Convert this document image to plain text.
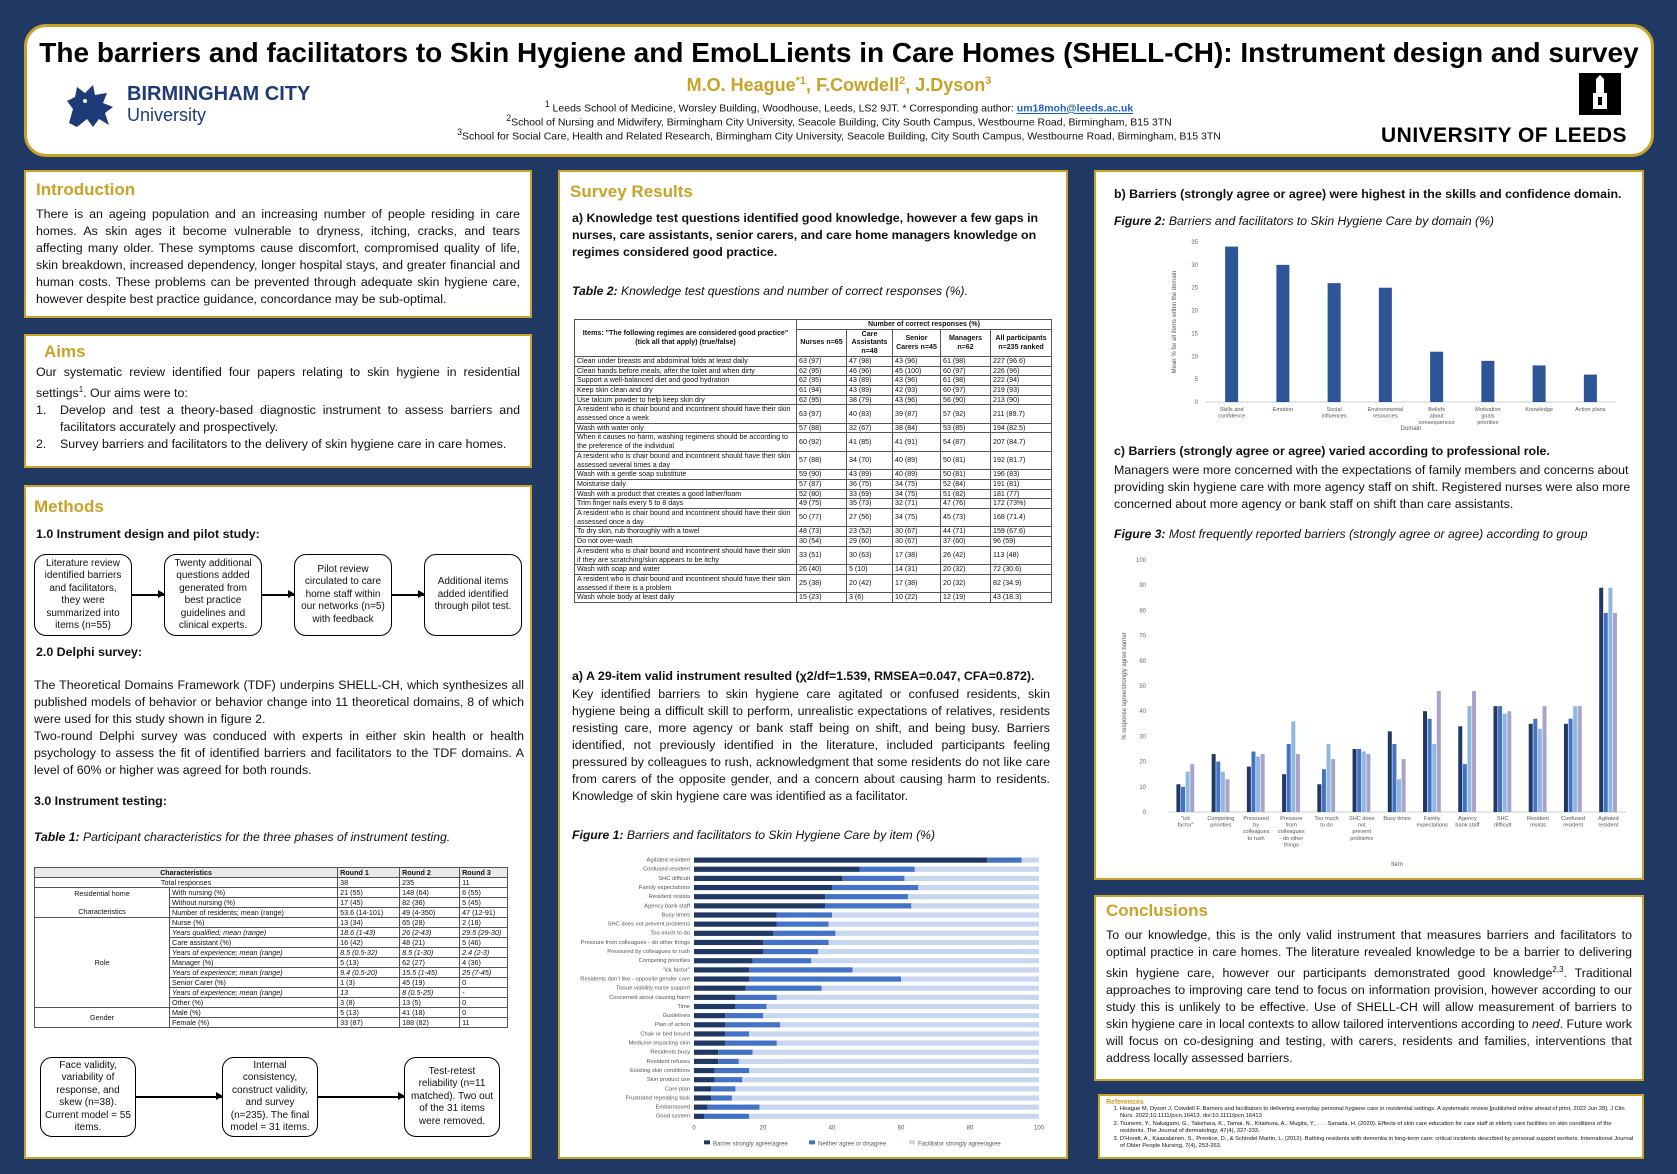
The barriers and facilitators to Skin Hygiene and EmoLLients in Care Homes (SHELL-CH): Instrument design and survey
M.O. Heague$^{*1}$, F.Cowdell$^2$, J.Dyson$^3$
$^1$ Leeds School of Medicine, Worsley Building, Woodhouse, Leeds, LS2 9JT. * Corresponding author: um18moh@leeds.ac.uk
$^2$School of Nursing and Midwifery, Birmingham City University, Seacole Building, City South Campus, Westbourne Road, Birmingham, B15 3TN
$^3$School for Social Care, Health and Related Research, Birmingham City University, Seacole Building, City South Campus, Westbourne Road, Birmingham, B15 3TN
BIRMINGHAM CITY
University
UNIVERSITY OF LEEDS
Introduction

There is an ageing population and an increasing number of people residing in care homes. As skin ages it become vulnerable to dryness, itching, cracks, and tears affecting many older. These symptoms cause discomfort, compromised quality of life, skin breakdown, increased dependency, longer hospital stays, and greater financial and human costs. These problems can be prevented through adequate skin hygiene care, however despite best practice guidance, concordance may be sub-optimal.

Aims

Our systematic review identified four papers relating to skin hygiene in residential settings$^1$. Our aims were to:

1.	Develop and test a theory-based diagnostic instrument to assess barriers and facilitators accurately and prospectively.
2.	Survey barriers and facilitators to the delivery of skin hygiene care in care homes.
Methods
1.0 Instrument design and pilot study:
Literature review identified barriers and facilitators, they were summarized into items (n=55)
Twenty additional questions added generated from best practice guidelines and clinical experts.
Pilot review circulated to care home staff within our networks (n=5) with feedback
Additional items added identified through pilot test.
2.0 Delphi survey:

The Theoretical Domains Framework (TDF) underpins SHELL-CH, which synthesizes all published models of behavior or behavior change into 11 theoretical domains, 8 of which were used for this study shown in figure 2.

Two-round Delphi survey was conduced with experts in either skin health or health psychology to assess the fit of identified barriers and facilitators to the TDF domains. A level of 60% or higher was agreed for both rounds.

3.0 Instrument testing:
Table 1: Participant characteristics for the three phases of instrument testing.
Characteristics		Round 1	Round 2	Round 3
Total responses		38	235	11
Residential home

Characteristics	With nursing (%)	21 (55)	148 (64)	6 (55)
	Without nursing (%)	17 (45)	82 (36)	5 (45)
	Number of residents; mean (range)	53.6 (14-101)	49 (4-350)	47 (12-91)
Role	Nurse (%)	13 (34)	65 (28)	2 (18)
	Years qualified; mean (range)	18.6 (1-43)	26 (2-43)	29.5 (29-30)
	Care assistant (%)	16 (42)	48 (21)	5 (46)
	Years of experience; mean (range)	8.5 (0.5-32)	8.5 (1-30)	2.4 (2-3)
	Manager (%)	5 (13)	62 (27)	4 (36)
	Years of experience; mean (range)	9.4 (0.5-20)	15.5 (1-45)	25 (7-45)
	Senior Carer (%)	1 (3)	45 (19)	0
	Years of experience; mean (range)	13	8 (0.5-25)	-
	Other (%)	3 (8)	13 (5)	0
Gender	Male (%)	5 (13)	41 (18)	0
	Female (%)	33 (87)	188 (82)	11
Face validity, variability of response, and skew (n=38). Current model = 55 items.
Internal consistency, construct validity, and survey (n=235). The final model = 31 items.
Test-retest reliability (n=11 matched). Two out of the 31 items were removed.
Survey Results

a) Knowledge test questions identified good knowledge, however a few gaps in nurses, care assistants, senior carers, and care home managers knowledge on regimes considered good practice.

Table 2: Knowledge test questions and number of correct responses (%).
Items: "The following regimes are considered good practice" (tick all that apply) (true/false)	Number of correct responses (%)				
	Nurses n=65	Care Assistants n=48	Senior Carers n=45	Managers n=62	All participants n=235 ranked
Clean under breasts and abdominal folds at least daily	63 (97)	47 (98)	43 (96)	61 (98)	227 (96.6)
Clean hands before meals, after the toilet and when dirty	62 (95)	46 (96)	45 (100)	60 (97)	226 (96)
Support a well-balanced diet and good hydration	62 (95)	43 (89)	43 (96)	61 (98)	222 (94)
Keep skin clean and dry	61 (94)	43 (89)	42 (93)	60 (97)	219 (93)
Use talcum powder to help keep skin dry	62 (95)	38 (79)	43 (96)	56 (90)	213 (90)
A resident who is chair bound and incontinent should have their skin assessed once a week	63 (97)	40 (83)	39 (87)	57 (92)	211 (89.7)
Wash with water only	57 (88)	32 (67)	38 (84)	53 (85)	194 (82.5)
When it causes no harm, washing regimens should be according to the preference of the individual	60 (92)	41 (85)	41 (91)	54 (87)	207 (84.7)
A resident who is chair bound and incontinent should have their skin assessed several times a day	57 (88)	34 (70)	40 (89)	50 (81)	192 (81.7)
Wash with a gentle soap substitute	59 (90)	43 (89)	40 (89)	50 (81)	196 (83)
Moisturise daily	57 (87)	36 (75)	34 (75)	52 (84)	191 (81)
Wash with a product that creates a good lather/foam	52 (80)	33 (69)	34 (75)	51 (82)	181 (77)
Trim finger nails every 5 to 8 days	49 (75)	35 (73)	32 (71)	47 (76)	172 (73%)
A resident who is chair bound and incontinent should have their skin assessed once a day	50 (77)	27 (56)	34 (75)	45 (73)	168 (71.4)
To dry skin, rub thoroughly with a towel	48 (73)	23 (52)	30 (67)	44 (71)	159 (67.6)
Do not over-wash	30 (54)	29 (60)	30 (67)	37 (60)	96 (59)
A resident who is chair bound and incontinent should have their skin if they are scratching/skin appears to be itchy	33 (51)	30 (63)	17 (38)	26 (42)	113 (48)
Wash with soap and water	26 (40)	5 (10)	14 (31)	20 (32)	72 (30.6)
A resident who is chair bound and incontinent should have their skin assessed if there is a problem	25 (38)	20 (42)	17 (38)	20 (32)	82 (34.9)
Wash whole body at least daily	15 (23)	3 (6)	10 (22)	12 (19)	43 (18.3)

a) A 29-item valid instrument resulted (χ2/df=1.539, RMSEA=0.047, CFA=0.872).

Key identified barriers to skin hygiene care agitated or confused residents, skin hygiene being a difficult skill to perform, unrealistic expectations of relatives, residents resisting care, more agency or bank staff being on shift, and being busy. Barriers identified, not previously identified in the literature, included participants feeling pressured by colleagues to rush, acknowledgment that some residents do not like care from carers of the opposite gender, and a concern about causing harm to residents. Knowledge of skin hygiene care was identified as a facilitator.

Figure 1: Barriers and facilitators to Skin Hygiene Care by item (%)
Agitated resident
Confused resident
SHC difficult
Family expectations
Resident resists
Agency bank staff
Busy times
SHC does not prevent problems
Too much to do
Pressure from colleagues - do other things
Pressured by colleagues to rush
Competing priorities
"ick factor"
Residents don't like - opposite gender care
Tissue viability nurse support
Concerned about causing harm
Time
Guidelines
Plan of action
Chair or bed bound
Medicine impacting skin
Residents busy
Resident refuses
Existing skin conditions
Skin product use
Care plan
Frustrated repeating task
Embarrassed
Good system
0	20	40	60	80	100
Barrier strongly agree/agree	Neither agree or disagree	Facilitator strongly agree/agree

b) Barriers (strongly agree or agree) were highest in the skills and confidence domain.

Figure 2: Barriers and facilitators to Skin Hygiene Care by domain (%)
0
5
10
15
20
25
30
35
Skills and confidence
Emotion	Social influences
Environmental resources
Beliefs about consequences
Motivation goals priorities
Knowledge	Action plans
Mean % for all items within the domain
Domain

c) Barriers (strongly agree or agree) varied according to professional role.

Managers were more concerned with the expectations of family members and concerns about providing skin hygiene care with more agency staff on shift. Registered nurses were also more concerned about more agency or bank staff on shift than care assistants.

Figure 3: Most frequently reported barriers (strongly agree or agree) according to group
0
10
20
30
40
50
60
70
80
90
100
"ick factor"
Competing priorities
Pressured by colleagues to rush
Pressure from colleagues - do other things
Too much to do
SHC does not prevent problems
Busy times	Family expectations
Agency bank staff
SHC difficult
Resident resists
Confused resident
Agitated resident
% response agree/strongly agree barrier
Item
Conclusions

To our knowledge, this is the only valid instrument that measures barriers and facilitators to optimal practice in care homes. The literature revealed knowledge to be a barrier to delivering skin hygiene care, however our participants demonstrated good knowledge$^{2,3}$. Traditional approaches to improving care tend to focus on information provision, however according to our study this is unlikely to be effective. Use of SHELL-CH will allow measurement of barriers to skin hygiene care in local contexts to allow tailored interventions according to need. Future work will focus on co-designing and testing, with carers, residents and families, interventions that address locally assessed barriers.

References
1. Heague M, Dyson J, Cowdell F. Barriers and facilitators to delivering everyday personal hygiene care in residential settings. A systematic review [published online ahead of print, 2022 Jun 28]. J Clin Nurs. 2022;10.1111/jocn.16413. doi:10.1111/jocn.16413
2. Tsunemi, Y., Nakagami, G., Takehara, K., Tamai, N., Kitamura, A., Mugita, Y., . . . Sanada, H. (2020). Effects of skin care education for care staff at elderly care facilities on skin conditions of the residents. The Journal of dermatology, 47(4), 327-333.
3. D'Hondt, A., Kaasalainen, S., Prentice, D., & Schindel Martin, L. (2012). Bathing residents with dementia in long-term care: critical incidents described by personal support workers. International Journal of Older People Nursing, 7(4), 253-263.
